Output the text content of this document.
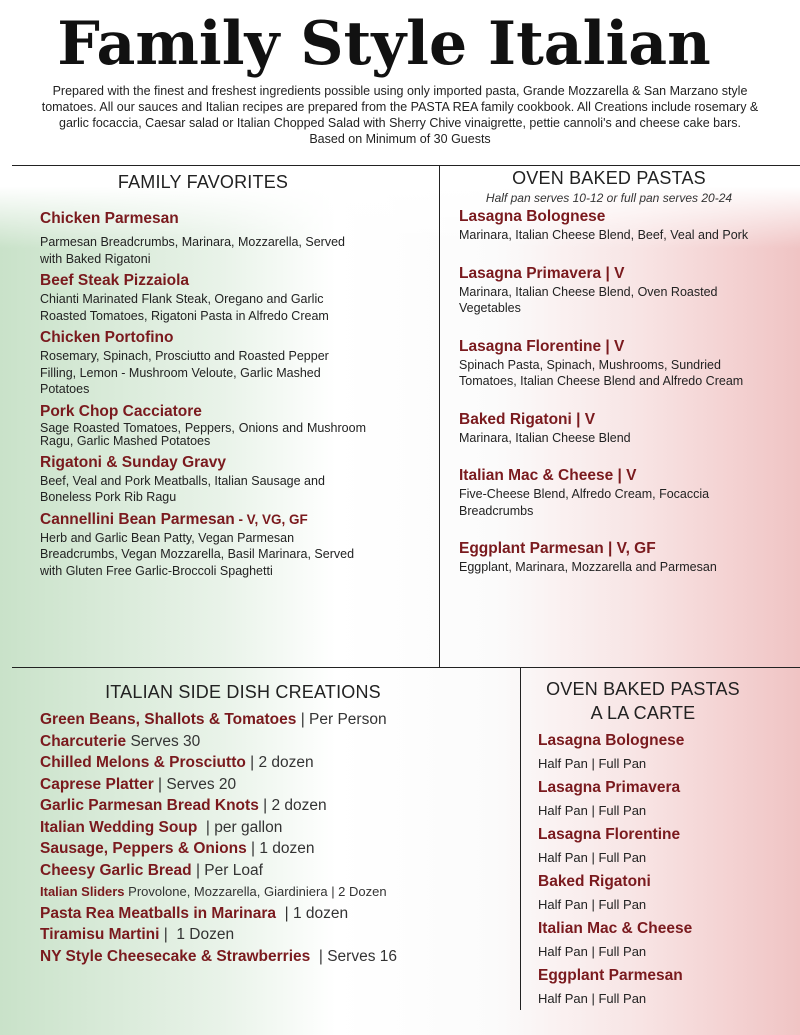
Family Style Italian
Prepared with the finest and freshest ingredients possible using only imported pasta, Grande Mozzarella & San Marzano style tomatoes. All our sauces and Italian recipes are prepared from the PASTA REA family cookbook. All Creations include rosemary & garlic focaccia, Caesar salad or Italian Chopped Salad with Sherry Chive vinaigrette, pettie cannoli's and cheese cake bars.
Based on Minimum of 30 Guests
FAMILY FAVORITES
Chicken Parmesan
Parmesan Breadcrumbs, Marinara, Mozzarella, Served with Baked Rigatoni
Beef Steak Pizzaiola
Chianti Marinated Flank Steak, Oregano and Garlic Roasted Tomatoes, Rigatoni Pasta in Alfredo Cream
Chicken Portofino
Rosemary, Spinach, Prosciutto and Roasted Pepper Filling, Lemon - Mushroom Veloute, Garlic Mashed Potatoes
Pork Chop Cacciatore
Sage Roasted Tomatoes, Peppers, Onions and Mushroom Ragu, Garlic Mashed Potatoes
Rigatoni & Sunday Gravy
Beef, Veal and Pork Meatballs, Italian Sausage and Boneless Pork Rib Ragu
Cannellini Bean Parmesan - V, VG, GF
Herb and Garlic Bean Patty, Vegan Parmesan Breadcrumbs, Vegan Mozzarella, Basil Marinara, Served with Gluten Free Garlic-Broccoli Spaghetti
OVEN BAKED PASTAS
Half pan serves 10-12 or full pan serves 20-24
Lasagna Bolognese
Marinara, Italian Cheese Blend, Beef, Veal and Pork
Lasagna Primavera | V
Marinara, Italian Cheese Blend, Oven Roasted Vegetables
Lasagna Florentine | V
Spinach Pasta, Spinach, Mushrooms, Sundried Tomatoes, Italian Cheese Blend and Alfredo Cream
Baked Rigatoni | V
Marinara, Italian Cheese Blend
Italian Mac & Cheese | V
Five-Cheese Blend, Alfredo Cream, Focaccia Breadcrumbs
Eggplant Parmesan | V, GF
Eggplant, Marinara, Mozzarella and Parmesan
ITALIAN SIDE DISH CREATIONS
Green Beans, Shallots & Tomatoes | Per Person
Charcuterie Serves 30
Chilled Melons & Prosciutto | 2 dozen
Caprese Platter | Serves 20
Garlic Parmesan Bread Knots | 2 dozen
Italian Wedding Soup  | per gallon
Sausage, Peppers & Onions | 1 dozen
Cheesy Garlic Bread | Per Loaf
Italian Sliders Provolone, Mozzarella, Giardiniera | 2 Dozen
Pasta Rea Meatballs in Marinara  | 1 dozen
Tiramisu Martini |  1 Dozen
NY Style Cheesecake & Strawberries  | Serves 16
OVEN BAKED PASTAS
A LA CARTE
Lasagna Bolognese
Half Pan | Full Pan
Lasagna Primavera
Half Pan | Full Pan
Lasagna Florentine
Half Pan | Full Pan
Baked Rigatoni
Half Pan | Full Pan
Italian Mac & Cheese
Half Pan | Full Pan
Eggplant Parmesan
Half Pan | Full Pan
